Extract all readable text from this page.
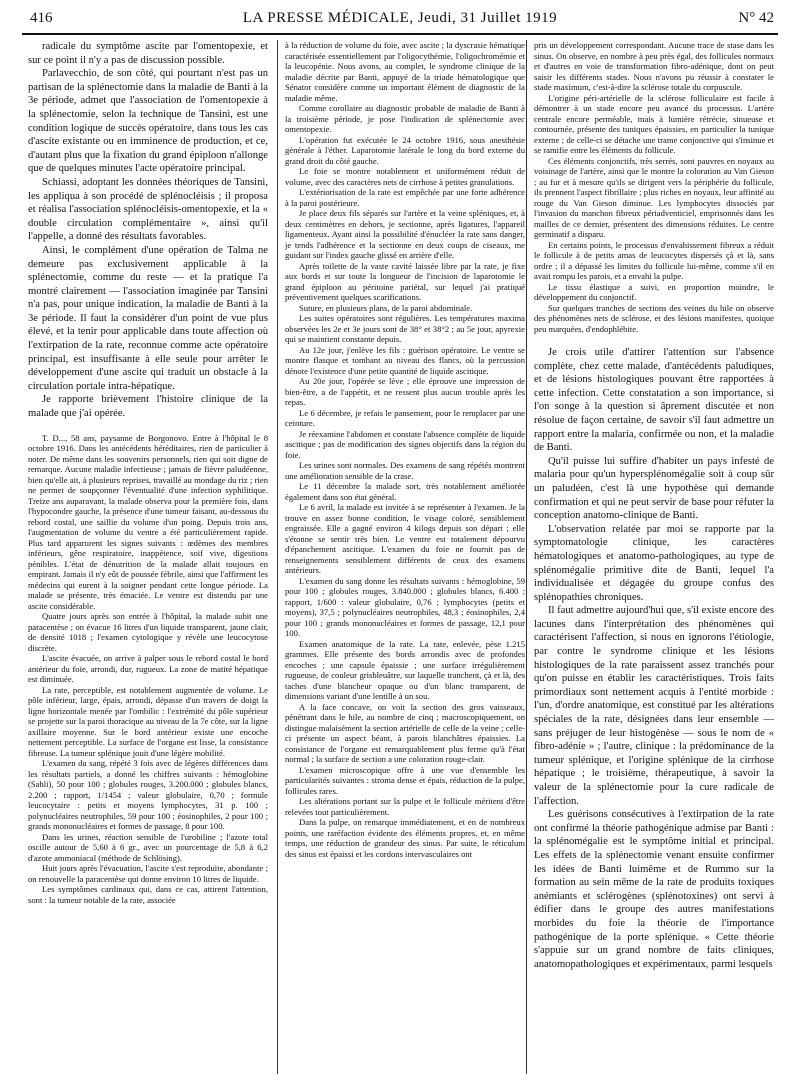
416	LA PRESSE MÉDICALE, Jeudi, 31 Juillet 1919	N° 42

radicale du symptôme ascite par l'omentopexie, et sur ce point il n'y a pas de discussion possible.

Parlavecchio, de son côté, qui pourtant n'est pas un partisan de la splénectomie dans la maladie de Banti à la 3e période, admet que l'association de l'omentopexie à la splénectomie, selon la technique de Tansini, est une condition logique de succès opératoire, dans tous les cas d'ascite existante ou en imminence de production, et ce, d'autant plus que la fixation du grand épiploon n'allonge que de quelques minutes l'acte opératoire principal.

Schiassi, adoptant les données théoriques de Tansini, les appliqua à son procédé de splénocléisis ; il proposa et réalisa l'association splénocléisis-omentopexie, et la « double circulation complémentaire », ainsi qu'il l'appelle, a donné des résultats favorables.

Ainsi, le complément d'une opération de Talma ne demeure pas exclusivement applicable à la splénectomie, comme du reste — et la pratique l'a montré clairement — l'association imaginée par Tansini n'a pas, pour unique indication, la maladie de Banti à la 3e période. Il faut la considérer d'un point de vue plus élevé, et la tenir pour applicable dans toute affection où l'extirpation de la rate, reconnue comme acte opératoire principal, est insuffisante à elle seule pour arrêter le développement d'une ascite qui traduit un obstacle à la circulation portale intra-hépatique.

Je rapporte brièvement l'histoire clinique de la malade que j'ai opérée.

T. D..., 58 ans, paysanne de Borgonovo. Entre à l'hôpital le 8 octobre 1916. Dans les antécédents héréditaires, rien de particulier à noter. De même dans les souvenirs personnels, rien qui soit digne de remarque. Aucune maladie infectieuse ; jamais de fièvre paludéenne, bien qu'elle ait, à plusieurs reprises, travaillé au mondage du riz ; rien ne permet de soupçonner l'éventualité d'une infection syphilitique. Treize ans auparavant, la malade observa pour la première fois, dans l'hypocondre gauche, la présence d'une tumeur faisant, au-dessous du rebord costal, une saillie du volume d'un poing. Depuis trois ans, l'augmentation de volume du ventre a été particulièrement rapide. Plus tard apparurent les signes suivants : œdèmes des membres inférieurs, gêne respiratoire, inappétence, soif vive, digestions pénibles. L'état de dénutrition de la malade allait toujours en empirant. Jamais il n'y eût de poussée fébrile, ainsi que l'affirment les médecins qui eurent à la soigner pendant cette longue période. La malade se présente, très émaciée. Le ventre est distendu par une ascite considérable.

Quatre jours après son entrée à l'hôpital, la malade subit une paracentèse ; on évacue 16 litres d'un liquide transparent, jaune clair, de densité 1018 ; l'examen cytologique y révèle une leucocytose discrète.

L'ascite évacuée, on arrive à palper sous le rebord costal le bord antérieur du foie, arrondi, dur, rugueux. La zone de matité hépatique est diminuée.

La rate, perceptible, est notablement augmentée de volume. Le pôle inférieur, large, épais, arrondi, dépasse d'un travers de doigt la ligne horizontale menée par l'ombilic : l'extrémité du pôle supérieur se projette sur la paroi thoracique au niveau de la 7e côte, sur la ligne axillaire moyenne. Sur le bord antérieur existe une encoche nettement perceptible. La surface de l'organe est lisse, la consistance fibreuse. La tumeur splénique jouit d'une légère mobilité.

L'examen du sang, répété 3 fois avec de légères différences dans les résultats partiels, a donné les chiffres suivants : hémoglobine (Sahli), 50 pour 100 ; globules rouges, 3.200.000 ; globules blancs, 2.200 ; rapport, 1/1454 ; valeur globulaire, 0,70 ; formule leucocytaire : petits et moyens lymphocytes, 31 p. 100 ; polynucléaires neutrophiles, 59 pour 100 ; éosinophiles, 2 pour 100 ; grands mononucléaires et formes de passage, 8 pour 100.

Dans les urines, réaction sensible de l'urobiline ; l'azote total oscille autour de 5,60 à 6 gr., avec un pourcentage de 5,8 à 6,2 d'azote ammoniacal (méthode de Schlösing).

Huit jours après l'évacuation, l'ascite s'est reproduite, abondante ; on renouvelle la paracentèse qui donne environ 10 litres de liquide.

Les symptômes cardinaux qui, dans ce cas, attirent l'attention, sont : la tumeur notable de la rate, associée

à la réduction de volume du foie, avec ascite ; la dyscrasie hématique caractérisée essentiellement par l'oligocythémie, l'oligochromémie et la leucopénie. Nous avons, au complet, le syndrome clinique de la maladie décrite par Banti, appuyé de la triade hématologique que Sénator considère comme un important élément de diagnostic de la maladie même.

Comme corollaire au diagnostic probable de maladie de Banti à la troisième période, je pose l'indication de splénectomie avec omentopexie.

L'opération fut exécutée le 24 octobre 1916, sous anesthésie générale à l'éther. Laparotomie latérale le long du bord externe du grand droit du côté gauche.

Le foie se montre notablement et uniformément réduit de volume, avec des caractères nets de cirrhose à petites granulations.

L'extériorisation de la rate est empêchée par une forte adhérence à la paroi postérieure.

Je place deux fils séparés sur l'artère et la veine spléniques, et, à deux centimètres en dehors, je sectionne, après ligatures, l'appareil ligamenteux. Ayant ainsi la possibilité d'énucléer la rate sans danger, je tends l'adhérence et la sectionne en deux coups de ciseaux, me guidant sur l'index gauche glissé en arrière d'elle.

Après toilette de la vaste cavité laissée libre par la rate, je fixe aux bords et sur toute la longueur de l'incision de laparotomie le grand épiploon au péritoine pariétal, sur lequel j'ai pratiqué préventivement quelques scarifications.

Suture, en plusieurs plans, de la paroi abdominale.

Les suites opératoires sont régulières. Les températures maxima observées les 2e et 3e jours sont de 38° et 38°2 ; au 5e jour, apyrexie qui se maintient constante depuis.

Au 12e jour, j'enlève les fils : guérison opératoire. Le ventre se montre flasque et tombant au niveau des flancs, où la percussion dénote l'existence d'une petite quantité de liquide ascitique.

Au 20e jour, l'opérée se lève ; elle éprouve une impression de bien-être, a de l'appétit, et ne ressent plus aucun trouble après les repas.

Le 6 décembre, je refais le pansement, pour le remplacer par une ceinture.

Je réexamine l'abdomen et constate l'absence complète de liquide ascitique ; pas de modification des signes objectifs dans la région du foie.

Les urines sont normales. Des examens de sang répétés montrent une amélioration sensible de la crase.

Le 11 décembre la malade sort, très notablement améliorée également dans son état général.

Le 6 avril, la malade est invitée à se représenter à l'examen. Je la trouve en assez bonne condition, le visage coloré, sensiblement engraissée. Elle a gagné environ 4 kilogs depuis son départ ; elle s'étonne se sentir très bien. Le ventre est totalement dépourvu d'épanchement ascitique. L'examen du foie ne fournit pas de renseignements sensiblement différents de ceux des examens antérieurs.

L'examen du sang donne les résultats suivants : hémoglobine, 59 pour 100 ; globules rouges, 3.840.000 ; globules blancs, 6.400 ; rapport, 1/600 : valeur globulaire, 0,76 ; lymphocytes (petits et moyens), 37,5 ; polynucléaires neutrophiles, 48,3 ; éosinophiles, 2,4 pour 100 ; grands mononucléaires et formes de passage, 12,1 pour 100.

Examen anatomique de la rate. La rate, enlevée, pèse 1.215 grammes. Elle présente des bords arrondis avec de profondes encoches ; une capsule épaissie ; une surface irrégulièrement rugueuse, de couleur grisbleuâtre, sur laquelle tranchent, çà et là, des taches d'une blancheur opaque ou d'un blanc transparent, de dimensions variant d'une lentille à un sou.

A la face concave, on voit la section des gros vaisseaux, pénétrant dans le hile, au nombre de cinq ; macroscopiquement, on distingue malaisément la section artérielle de celle de la veine ; celle-ci présente un aspect béant, à parois blanchâtres épaissies. La consistance de l'organe est remarquablement plus ferme qu'à l'état normal ; la surface de section a une coloration rouge-clair.

L'examen microscopique offre à une vue d'ensemble les particularités suivantes : stroma dense et épais, réduction de la pulpe, follicules rares.

Les altérations portant sur la pulpe et le follicule méritent d'être relevées tout particulièrement.

Dans la pulpe, on remarque immédiatement, et en de nombreux points, une raréfaction évidente des éléments propres, et, en même temps, une réduction de grandeur des sinus. Par suite, le réticulum des sinus est épaissi et les cordons intervasculaires ont

pris un développement correspondant. Aucune trace de stase dans les sinus. On observe, en nombre à peu près égal, des follicules normaux et d'autres en voie de transformation fibro-adénique, dont on peut saisir les différents stades. Nous n'avons pu réussir à constater le stade maximum, c'est-à-dire la sclérose totale du corpuscule.

L'origine péri-artérielle de la sclérose folliculaire est facile à démontrer à un stade encore peu avancé du processus. L'artère centrale encore perméable, mais à lumière rétrécie, sinueuse et contournée, présente des tuniques épaissies, en particulier la tunique externe ; de celle-ci se détache une trame conjonctive qui s'insinue et se ramifie entre les éléments du follicule.

Ces éléments conjonctifs, très serrés, sont pauvres en noyaux au voisinage de l'artère, ainsi que le montre la coloration au Van Gieson ; au fur et à mesure qu'ils se dirigent vers la périphérie du follicule, ils prennent l'aspect fibrillaire ; plus riches en noyaux, leur affinité au rouge du Van Gieson diminue. Les lymphocytes dissociés par l'invasion du manchon fibreux périadventiciel, emprisonnés dans les mailles de ce dernier, présentent des dimensions réduites. Le centre germinatif a disparu.

En certains points, le processus d'envahissement fibreux a réduit le follicule à de petits amas de leucocytes dispersés çà et là, sans ordre ; il a dépassé les limites du follicule lui-même, comme s'il en avait rompu les parois, et a envahi la pulpe.

Le tissu élastique a suivi, en proportion moindre, le développement du conjonctif.

Sur quelques tranches de sections des veines du hile on observe des phénomènes nets de sclérose, et des lésions manifestes, quoique peu marquées, d'endophlébite.

Je crois utile d'attirer l'attention sur l'absence complète, chez cette malade, d'antécédents paludiques, et de lésions histologiques pouvant être rapportées à cette infection. Cette constatation a son importance, si l'on songe à la question si âprement discutée et non résolue de façon certaine, de savoir s'il faut admettre un rapport entre la malaria, confirmée ou non, et la maladie de Banti.

Qu'il puisse lui suffire d'habiter un pays infesté de malaria pour qu'un hypersplénomégalie soit à coup sûr un paludéen, c'est là une hypothèse qui demande confirmation et qui ne peut servir de base pour réfuter la conception anatomo-clinique de Banti.

L'observation relatée par moi se rapporte par la symptomatologie clinique, les caractères hématologiques et anatomo-pathologiques, au type de splénomégalie primitive dite de Banti, lequel l'a individualisée et dégagée du groupe confus des splénopathies chroniques.

Il faut admettre aujourd'hui que, s'il existe encore des lacunes dans l'interprétation des phénomènes qui caractérisent l'affection, si nous en ignorons l'étiologie, par contre le syndrome clinique et les lésions histologiques de la rate paraissent assez tranchés pour qu'on puisse en établir les caractéristiques. Trois faits primordiaux sont nettement acquis à l'entité morbide : l'un, d'ordre anatomique, est constitué par les altérations spéciales de la rate, désignées dans leur ensemble — sans préjuger de leur histogénèse — sous le nom de « fibro-adénie » ; l'autre, clinique : la prédominance de la tumeur splénique, et l'origine splénique de la cirrhose hépatique ; le troisième, thérapeutique, à savoir la valeur de la splénectomie pour la cure radicale de l'affection.

Les guérisons consécutives à l'extirpation de la rate ont confirmé la théorie pathogénique admise par Banti : la splénomégalie est le symptôme initial et principal. Les effets de la splénectomie venant ensuite confirmer les idées de Banti luimême et de Rummo sur la formation au sein même de la rate de produits toxiques anémiants et sclérogènes (splénotoxines) ont servi à édifier dans le groupe des autres manifestations morbides du foie la théorie de l'importance pathogénique de la porte splénique. « Cette théorie s'appuie sur un grand nombre de faits cliniques, anatomopathologiques et expérimentaux, parmi lesquels
